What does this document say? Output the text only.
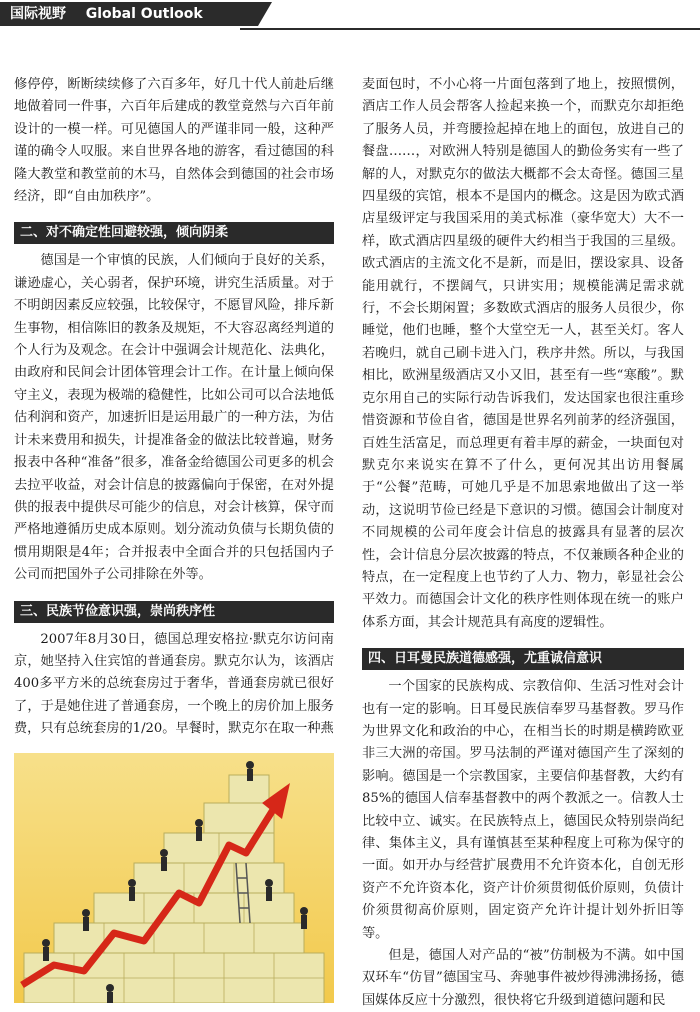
国际视野 Global Outlook

修停停，断断续续修了六百多年，好几十代人前赴后继地做着同一件事，六百年后建成的教堂竟然与六百年前设计的一模一样。可见德国人的严谨非同一般，这种严谨的确令人叹服。来自世界各地的游客，看过德国的科隆大教堂和教堂前的木马，自然体会到德国的社会市场经济，即“自由加秩序”。

二、对不确定性回避较强，倾向阴柔

德国是一个审慎的民族，人们倾向于良好的关系，谦逊虚心，关心弱者，保护环境，讲究生活质量。对于不明朗因素反应较强，比较保守，不愿冒风险，排斥新生事物，相信陈旧的教条及规矩，不大容忍离经判道的个人行为及观念。在会计中强调会计规范化、法典化，由政府和民间会计团体管理会计工作。在计量上倾向保守主义，表现为极端的稳健性，比如公司可以合法地低估利润和资产，加速折旧是运用最广的一种方法，为估计未来费用和损失，计提准备金的做法比较普遍，财务报表中各种“准备”很多，准备金给德国公司更多的机会去拉平收益，对会计信息的披露偏向于保密，在对外提供的报表中提供尽可能少的信息，对会计核算，保守而严格地遵循历史成本原则。划分流动负债与长期负债的惯用期限是4年；合并报表中全面合并的只包括国内子公司而把国外子公司排除在外等。

三、民族节俭意识强，崇尚秩序性

2007年8月30日，德国总理安格拉·默克尔访问南京，她坚持入住宾馆的普通套房。默克尔认为，该酒店400多平方米的总统套房过于奢华，普通套房就已很好了，于是她住进了普通套房，一个晚上的房价加上服务费，只有总统套房的1/20。早餐时，默克尔在取一种燕

麦面包时，不小心将一片面包落到了地上，按照惯例，酒店工作人员会帮客人捡起来换一个，而默克尔却拒绝了服务人员，并弯腰捡起掉在地上的面包，放进自己的餐盘……，对欧洲人特别是德国人的勤俭务实有一些了解的人，对默克尔的做法大概都不会太奇怪。德国三星四星级的宾馆，根本不是国内的概念。这是因为欧式酒店星级评定与我国采用的美式标准（豪华宽大）大不一样，欧式酒店四星级的硬件大约相当于我国的三星级。欧式酒店的主流文化不是新，而是旧，摆设家具、设备能用就行，不摆阔气，只讲实用；规模能满足需求就行，不会长期闲置；多数欧式酒店的服务人员很少，你睡觉，他们也睡，整个大堂空无一人，甚至关灯。客人若晚归，就自己刷卡进入门，秩序井然。所以，与我国相比，欧洲星级酒店又小又旧，甚至有一些“寒酸”。默克尔用自己的实际行动告诉我们，发达国家也很注重珍惜资源和节俭自省，德国是世界名列前茅的经济强国，百姓生活富足，而总理更有着丰厚的薪金，一块面包对默克尔来说实在算不了什么，更何况其出访用餐属于“公餐”范畴，可她几乎是不加思索地做出了这一举动，这说明节俭已经是下意识的习惯。德国会计制度对不同规模的公司年度会计信息的披露具有显著的层次性，会计信息分层次披露的特点，不仅兼顾各种企业的特点，在一定程度上也节约了人力、物力，彰显社会公平效力。而德国会计文化的秩序性则体现在统一的账户体系方面，其会计规范具有高度的逻辑性。

四、日耳曼民族道德感强，尤重诚信意识

一个国家的民族构成、宗教信仰、生活习性对会计也有一定的影响。日耳曼民族信奉罗马基督教。罗马作为世界文化和政治的中心，在相当长的时期是横跨欧亚非三大洲的帝国。罗马法制的严谨对德国产生了深刻的影响。德国是一个宗教国家，主要信仰基督教，大约有85%的德国人信奉基督教中的两个教派之一。信教人士比较中立、诚实。在民族特点上，德国民众特别崇尚纪律、集体主义，具有谨慎甚至某种程度上可称为保守的一面。如开办与经营扩展费用不允许资本化，自创无形资产不允许资本化，资产计价须贯彻低价原则，负债计价须贯彻高价原则，固定资产允许计提计划外折旧等等。

但是，德国人对产品的“被”仿制极为不满。如中国双环车“仿冒”德国宝马、奔驰事件被炒得沸沸扬扬，德国媒体反应十分激烈，很快将它升级到道德问题和民
